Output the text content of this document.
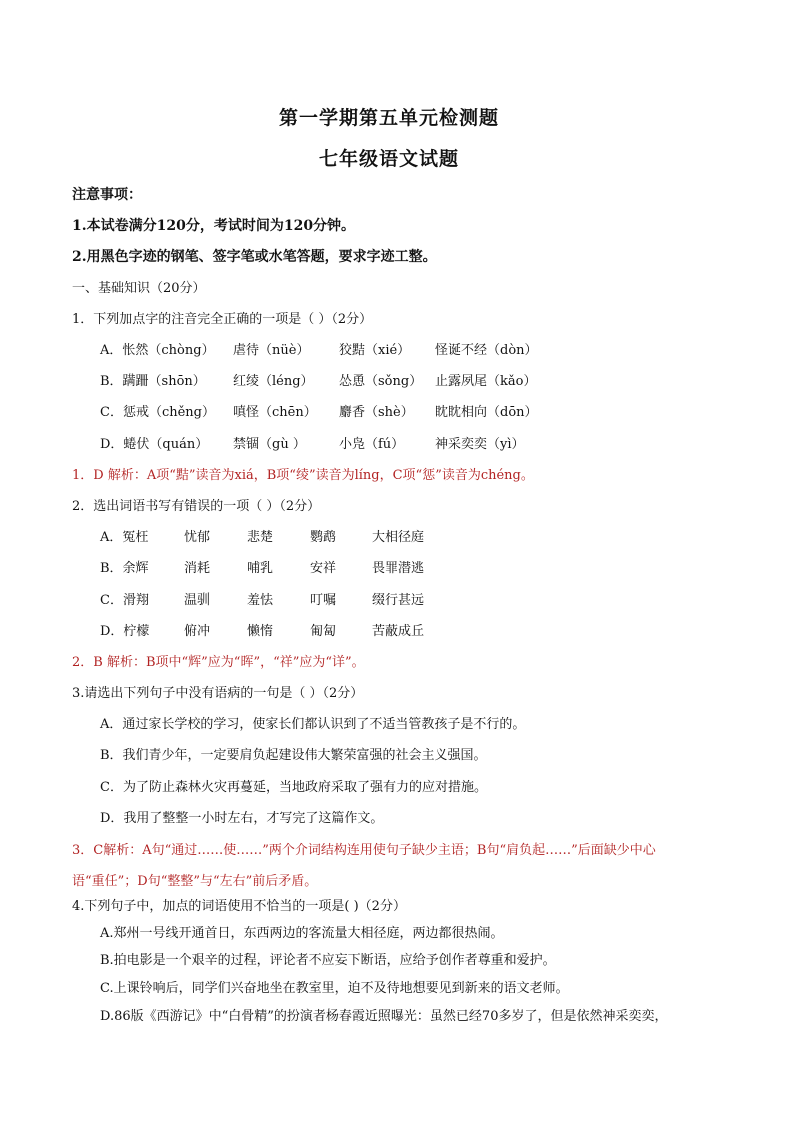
第一学期第五单元检测题
七年级语文试题
注意事项：
1.本试卷满分120分，考试时间为120分钟。
2.用黑色字迹的钢笔、签字笔或水笔答题，要求字迹工整。
一、基础知识（20分）
1．下列加点字的注音完全正确的一项是（ ）（2分）
A．怅然（chòng） 虐待（nüè） 狡黠（xié） 怪诞不经（dòn）
B．蹒跚（shōn） 红绫（léng） 怂恿（sǒng） 止露夙尾（kǎo）
C．惩戒（chěng） 嗔怪（chēn） 麝香（shè） 眈眈相向（dōn）
D．蜷伏（quán） 禁锢（gù ）	小凫（fú） 神采奕奕（yì）
1．D 解析：A项“黠”读音为xiá，B项“绫”读音为líng，C项“惩”读音为chéng。
2．选出词语书写有错误的一项（ ）（2分）
A．冤枉	忧郁	悲楚	鹦鹉	大相径庭
B．余辉	消耗	哺乳	安祥	畏罪潜逃
C．滑翔	温驯	羞怯	叮嘱	缀行甚远
D．柠檬	俯冲	懒惰	匍匐	苦蔽成丘
2．B 解析：B项中“辉”应为“晖”，“祥”应为“详”。
3.请选出下列句子中没有语病的一句是（ ）（2分）
A．通过家长学校的学习，使家长们都认识到了不适当管教孩子是不行的。
B．我们青少年，一定要肩负起建设伟大繁荣富强的社会主义强国。
C．为了防止森林火灾再蔓延，当地政府采取了强有力的应对措施。
D．我用了整整一小时左右，才写完了这篇作文。
3．C解析：A句“通过……使……”两个介词结构连用使句子缺少主语；B句“肩负起……”后面缺少中心
语“重任”；D句“整整”与“左右”前后矛盾。
4.下列句子中，加点的词语使用不恰当的一项是( )（2分）
A.郑州一号线开通首日，东西两边的客流量大相径庭，两边都很热闹。
B.拍电影是一个艰辛的过程，评论者不应妄下断语，应给予创作者尊重和爱护。
C.上课铃响后，同学们兴奋地坐在教室里，迫不及待地想要见到新来的语文老师。
D.86版《西游记》中“白骨精”的扮演者杨春霞近照曝光：虽然已经70多岁了，但是依然神采奕奕，
